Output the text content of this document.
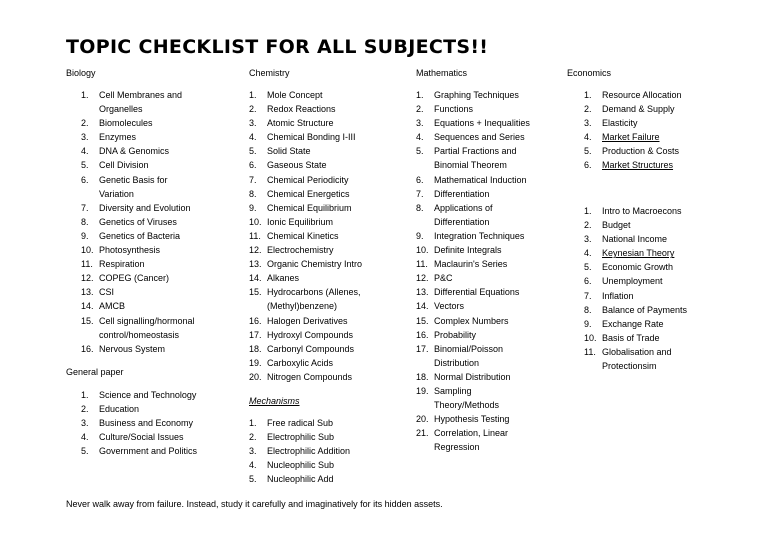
TOPIC CHECKLIST FOR ALL SUBJECTS!!
Biology
1.	Cell Membranes and
Organelles
2.	Biomolecules
3.	Enzymes
4.	DNA & Genomics
5.	Cell Division
6.	Genetic Basis for
Variation
7.	Diversity and Evolution
8.	Genetics of Viruses
9.	Genetics of Bacteria
10. Photosynthesis
11. Respiration
12. COPEG (Cancer)
13. CSI
14. AMCB
15. Cell signalling/hormonal
control/homeostasis
16. Nervous System
General paper
1.	Science and Technology
2.	Education
3.	Business and Economy
4.	Culture/Social Issues
5.	Government and Politics
Chemistry
1.	Mole Concept
2.	Redox Reactions
3.	Atomic Structure
4.	Chemical Bonding I-III
5.	Solid State
6.	Gaseous State
7.	Chemical Periodicity
8.	Chemical Energetics
9.	Chemical Equilibrium
10. Ionic Equilibrium
11. Chemical Kinetics
12. Electrochemistry
13. Organic Chemistry Intro
14. Alkanes
15. Hydrocarbons (Allenes,
(Methyl)benzene)
16. Halogen Derivatives
17. Hydroxyl Compounds
18. Carbonyl Compounds
19. Carboxylic Acids
20. Nitrogen Compounds
Mechanisms
1.	Free radical Sub
2.	Electrophilic Sub
3.	Electrophilic Addition
4.	Nucleophilic Sub
5.	Nucleophilic Add
Mathematics
1.	Graphing Techniques
2.	Functions
3.	Equations + Inequalities
4.	Sequences and Series
5.	Partial Fractions and
Binomial Theorem
6.	Mathematical Induction
7.	Differentiation
8.	Applications of
Differentiation
9.	Integration Techniques
10. Definite Integrals
11. Maclaurin's Series
12. P&C
13. Differential Equations
14. Vectors
15. Complex Numbers
16. Probability
17. Binomial/Poisson
Distribution
18. Normal Distribution
19. Sampling
Theory/Methods
20. Hypothesis Testing
21. Correlation, Linear
Regression
Economics
1.	Resource Allocation
2.	Demand & Supply
3.	Elasticity
4.	Market Failure
5.	Production & Costs
6.	Market Structures
1.	Intro to Macroecons
2.	Budget
3.	National Income
4.	Keynesian Theory
5.	Economic Growth
6.	Unemployment
7.	Inflation
8.	Balance of Payments
9.	Exchange Rate
10. Basis of Trade
11. Globalisation and
Protectionsim
Never walk away from failure. Instead, study it carefully and imaginatively for its hidden assets.
